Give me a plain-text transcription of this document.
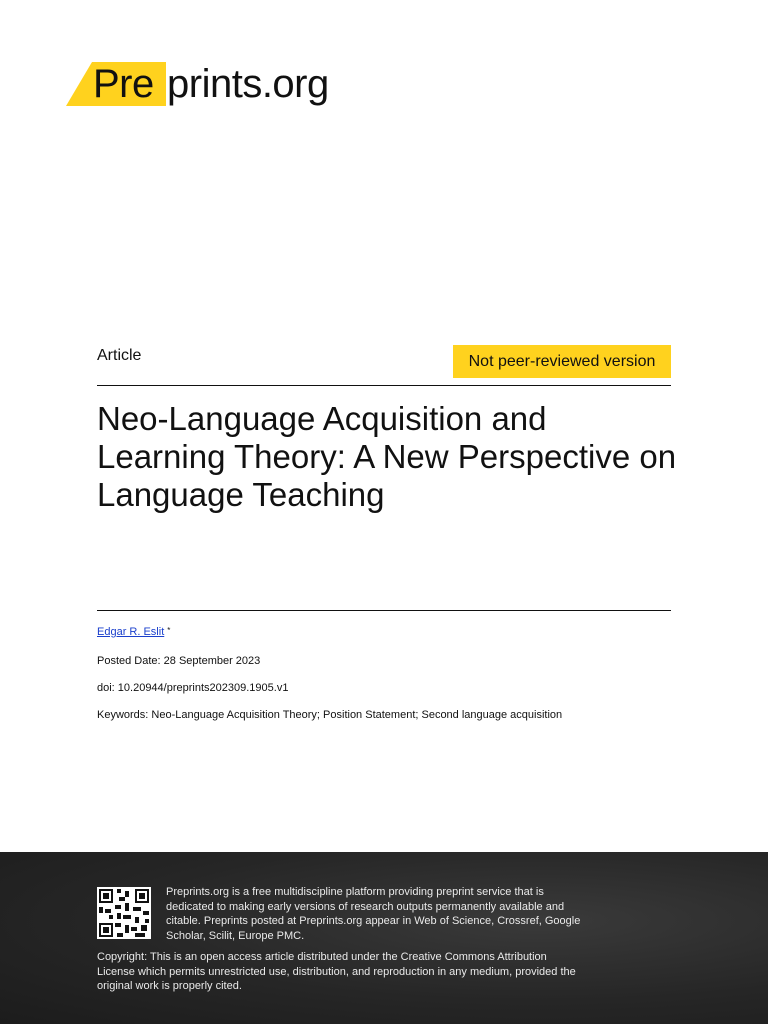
Pre prints.org
Article	Not peer-reviewed version
Neo-Language Acquisition and Learning Theory: A New Perspective on Language Teaching
Edgar R. Eslit *
Posted Date: 28 September 2023
doi: 10.20944/preprints202309.1905.v1
Keywords: Neo-Language Acquisition Theory; Position Statement; Second language acquisition
Preprints.org is a free multidiscipline platform providing preprint service that is dedicated to making early versions of research outputs permanently available and citable. Preprints posted at Preprints.org appear in Web of Science, Crossref, Google Scholar, Scilit, Europe PMC.
Copyright: This is an open access article distributed under the Creative Commons Attribution License which permits unrestricted use, distribution, and reproduction in any medium, provided the original work is properly cited.
